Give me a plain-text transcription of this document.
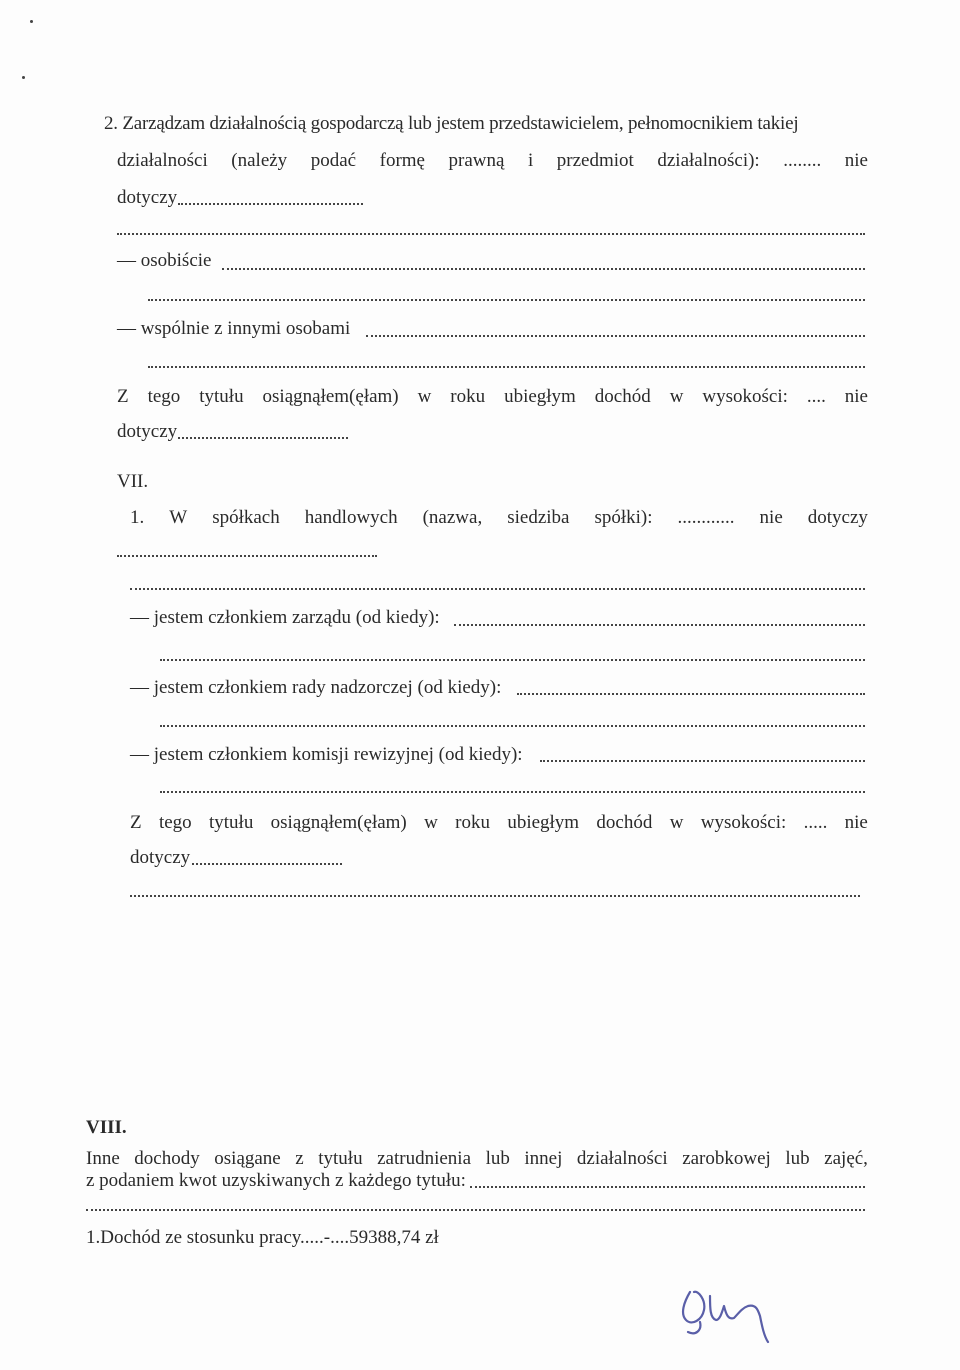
2. Zarządzam działalnością gospodarczą lub jestem przedstawicielem, pełnomocnikiem takiej
działalności (należy podać formę prawną i przedmiot działalności): ........ nie
dotyczy
— osobiście
— wspólnie z innymi osobami
Z tego tytułu osiągnąłem(ęłam) w roku ubiegłym dochód w wysokości: .... nie
dotyczy
VII.
1. W spółkach handlowych (nazwa, siedziba spółki): ............ nie dotyczy
— jestem członkiem zarządu (od kiedy):
— jestem członkiem rady nadzorczej (od kiedy):
— jestem członkiem komisji rewizyjnej (od kiedy):
Z tego tytułu osiągnąłem(ęłam) w roku ubiegłym dochód w wysokości: ..... nie
dotyczy
VIII.
Inne dochody osiągane z tytułu zatrudnienia lub innej działalności zarobkowej lub zajęć,
z podaniem kwot uzyskiwanych z każdego tytułu:
1.Dochód ze stosunku pracy.....-....59388,74 zł
